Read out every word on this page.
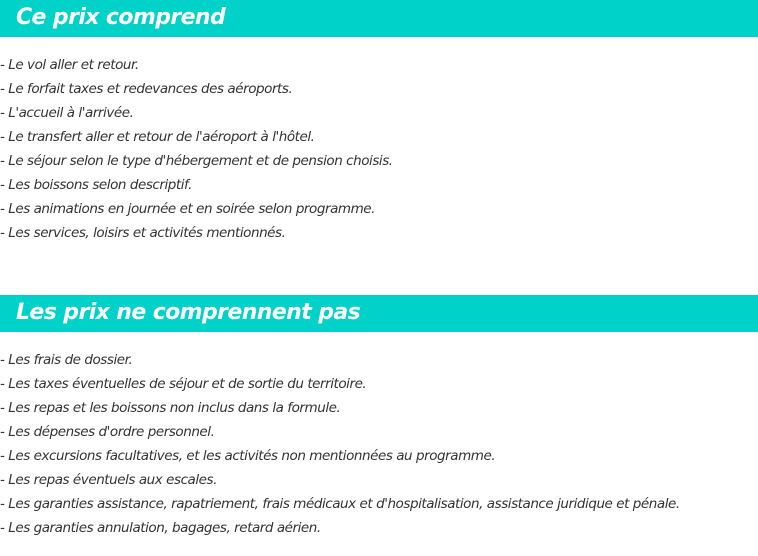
Ce prix comprend
- Le vol aller et retour.
- Le forfait taxes et redevances des aéroports.
- L'accueil à l'arrivée.
- Le transfert aller et retour de l'aéroport à l'hôtel.
- Le séjour selon le type d'hébergement et de pension choisis.
- Les boissons selon descriptif.
- Les animations en journée et en soirée selon programme.
- Les services, loisirs et activités mentionnés.
Les prix ne comprennent pas
- Les frais de dossier.
- Les taxes éventuelles de séjour et de sortie du territoire.
- Les repas et les boissons non inclus dans la formule.
- Les dépenses d'ordre personnel.
- Les excursions facultatives, et les activités non mentionnées au programme.
- Les repas éventuels aux escales.
- Les garanties assistance, rapatriement, frais médicaux et d'hospitalisation, assistance juridique et pénale.
- Les garanties annulation, bagages, retard aérien.
